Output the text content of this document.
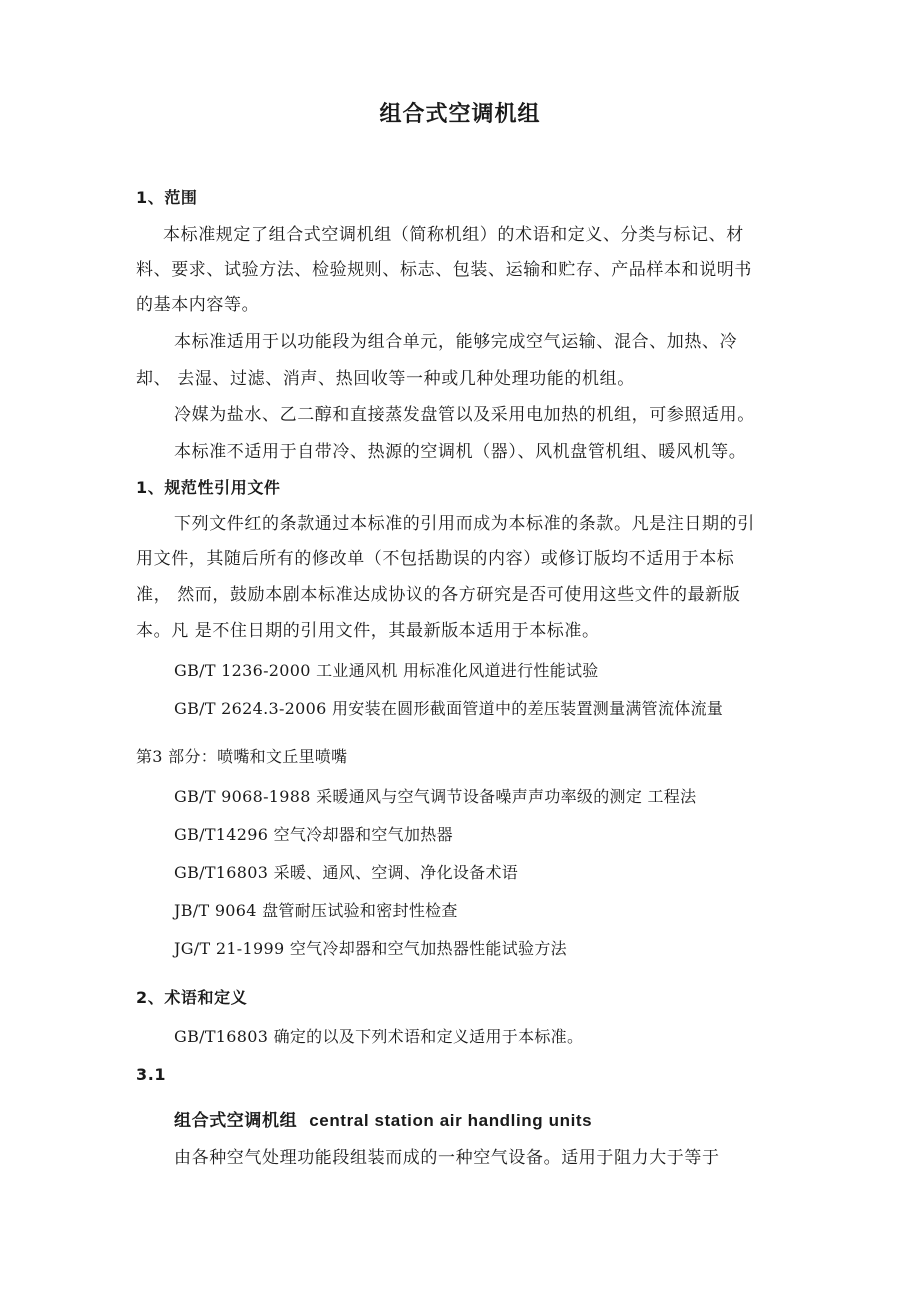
组合式空调机组
1、范围
本标准规定了组合式空调机组（简称机组）的术语和定义、分类与标记、材
料、要求、试验方法、检验规则、标志、包装、运输和贮存、产品样本和说明书
的基本内容等。
本标准适用于以功能段为组合单元，能够完成空气运输、混合、加热、冷
却、 去湿、过滤、消声、热回收等一种或几种处理功能的机组。
冷媒为盐水、乙二醇和直接蒸发盘管以及采用电加热的机组，可参照适用。
本标准不适用于自带冷、热源的空调机（器）、风机盘管机组、暖风机等。
1、规范性引用文件
下列文件红的条款通过本标准的引用而成为本标准的条款。凡是注日期的引
用文件，其随后所有的修改单（不包括勘误的内容）或修订版均不适用于本标
准， 然而，鼓励本剧本标准达成协议的各方研究是否可使用这些文件的最新版
本。凡 是不住日期的引用文件，其最新版本适用于本标准。
GB/T 1236-2000 工业通风机 用标准化风道进行性能试验
GB/T 2624.3-2006 用安装在圆形截面管道中的差压装置测量满管流体流量
第3 部分：喷嘴和文丘里喷嘴
GB/T 9068-1988 采暖通风与空气调节设备噪声声功率级的测定 工程法
GB/T14296 空气冷却器和空气加热器
GB/T16803 采暖、通风、空调、净化设备术语
JB/T 9064 盘管耐压试验和密封性检查
JG/T 21-1999 空气冷却器和空气加热器性能试验方法
2、术语和定义
GB/T16803 确定的以及下列术语和定义适用于本标准。
3.1
组合式空调机组 central station air handling units
由各种空气处理功能段组装而成的一种空气设备。适用于阻力大于等于
